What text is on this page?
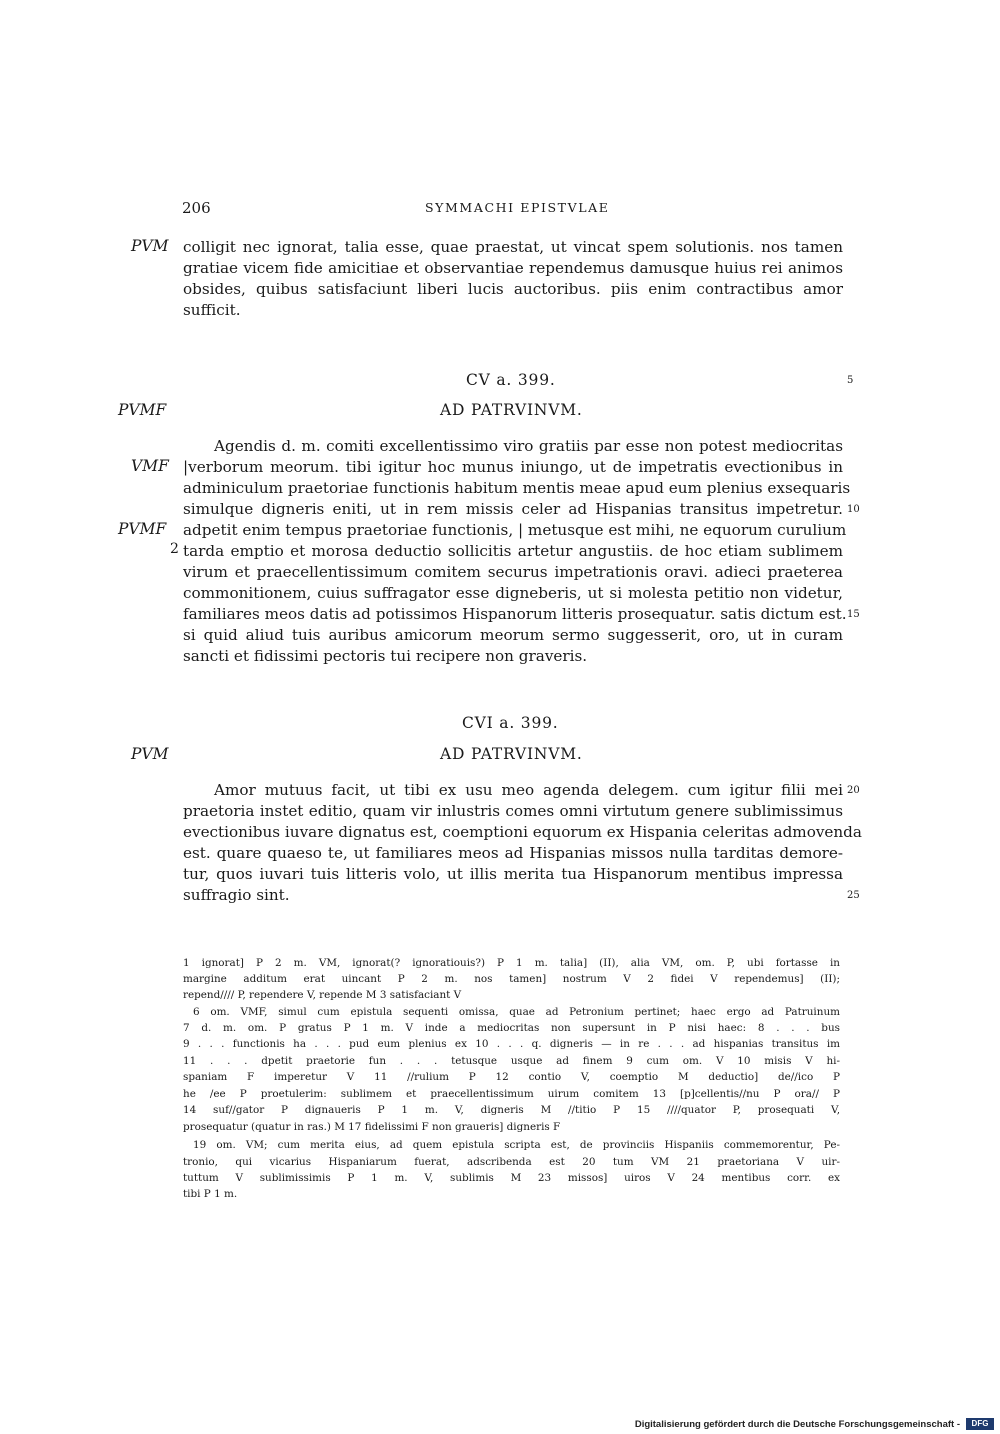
206	SYMMACHI EPISTVLAE
PVM colligit nec ignorat, talia esse, quae praestat, ut vincat spem solutionis. nos tamen
gratiae vicem fide amicitiae et observantiae rependemus damusque huius rei animos
obsides, quibus satisfaciunt liberi lucis auctoribus. piis enim contractibus amor
sufficit.
CV a. 399.	5
PVMF	AD PATRVINVM.
Agendis d. m. comiti excellentissimo viro gratiis par esse non potest mediocritas
VMF |verborum meorum. tibi igitur hoc munus iniungo, ut de impetratis evectionibus in
adminiculum praetoriae functionis habitum mentis meae apud eum plenius exsequaris
simulque digneris eniti, ut in rem missis celer ad Hispanias transitus impetretur. 10
PVMF adpetit enim tempus praetoriae functionis, | metusque est mihi, ne equorum curulium
2 tarda emptio et morosa deductio sollicitis artetur angustiis. de hoc etiam sublimem
virum et praecellentissimum comitem securus impetrationis oravi. adieci praeterea
commonitionem, cuius suffragator esse digneberis, ut si molesta petitio non videtur,
familiares meos datis ad potissimos Hispanorum litteris prosequatur. satis dictum est. 15
si quid aliud tuis auribus amicorum meorum sermo suggesserit, oro, ut in curam
sancti et fidissimi pectoris tui recipere non graveris.
CVI a. 399.
PVM	AD PATRVINVM.
Amor mutuus facit, ut tibi ex usu meo agenda delegem. cum igitur filii mei 20
praetoria instet editio, quam vir inlustris comes omni virtutum genere sublimissimus
evectionibus iuvare dignatus est, coemptioni equorum ex Hispania celeritas admovenda
est. quare quaeso te, ut familiares meos ad Hispanias missos nulla tarditas demore-
tur, quos iuvari tuis litteris volo, ut illis merita tua Hispanorum mentibus impressa
suffragio sint.	25
1 ignorat] P 2 m. VM, ignorat(? ignoratiouis?) P 1 m. talia] (II), alia VM, om. P, ubi fortasse in
margine additum erat uincant P 2 m. nos tamen] nostrum V 2 fidei V rependemus] (II);
repend//// P, rependere V, repende M 3 satisfaciant V
6 om. VMF, simul cum epistula sequenti omissa, quae ad Petronium pertinet; haec ergo ad Patruinum
7 d. m. om. P gratus P 1 m. V inde a mediocritas non supersunt in P nisi haec: 8 . . . bus
9 . . . functionis ha . . . pud eum plenius ex 10 . . . q. digneris — in re . . . ad hispanias transitus im
11 . . . dpetit praetorie fun . . . tetusque usque ad finem 9 cum om. V 10 misis V hi-
spaniam F imperetur V 11 //rulium P 12 contio V, coemptio M deductio] de//ico P
he /ee P proetulerim: sublimem et praecellentissimum uirum comitem 13 [p]cellentis//nu P ora// P
14 suf//gator P dignaueris P 1 m. V, digneris M //titio P 15 ////quator P, prosequati V,
prosequatur (quatur in ras.) M 17 fidelissimi F non graueris] digneris F
19 om. VM; cum merita eius, ad quem epistula scripta est, de provinciis Hispaniis commemorentur, Pe-
tronio, qui vicarius Hispaniarum fuerat, adscribenda est 20 tum VM 21 praetoriana V uir-
tuttum V sublimissimis P 1 m. V, sublimis M 23 missos] uiros V 24 mentibus corr. ex
tibi P 1 m.
Digitalisierung gefördert durch die Deutsche Forschungsgemeinschaft -	DFG
